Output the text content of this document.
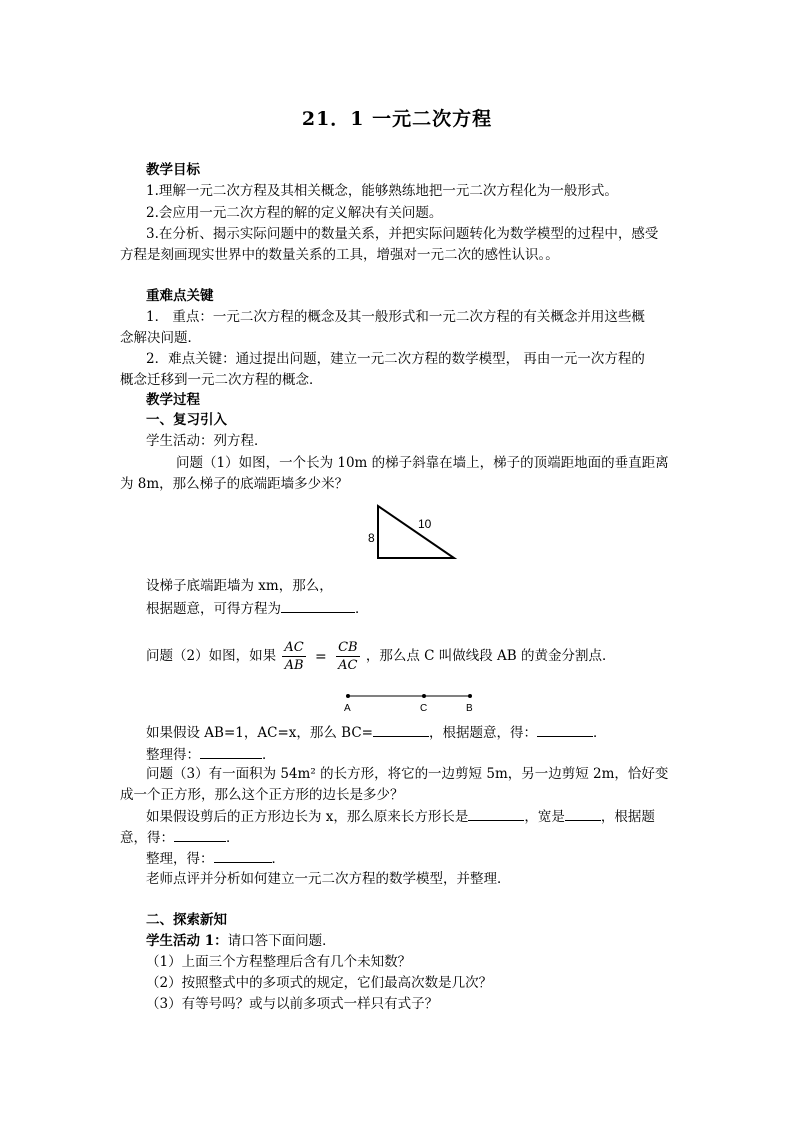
21．1 一元二次方程
教学目标
1.理解一元二次方程及其相关概念，能够熟练地把一元二次方程化为一般形式。
2.会应用一元二次方程的解的定义解决有关问题。
3.在分析、揭示实际问题中的数量关系，并把实际问题转化为数学模型的过程中，感受
方程是刻画现实世界中的数量关系的工具，增强对一元二次的感性认识。。
重难点关键
1． 重点：一元二次方程的概念及其一般形式和一元二次方程的有关概念并用这些概
念解决问题．
2．难点关键：通过提出问题，建立一元二次方程的数学模型， 再由一元一次方程的
概念迁移到一元二次方程的概念．
教学过程
一、复习引入
学生活动：列方程．
问题（1）如图，一个长为 10m 的梯子斜靠在墙上，梯子的顶端距地面的垂直距离
为 8m，那么梯子的底端距墙多少米？
8
10
设梯子底端距墙为 xm，那么，
根据题意，可得方程为	．
问题（2）如图，如果 $\frac{AC}{AB} = \frac{CB}{AC}$ ，那么点 C 叫做线段 AB 的黄金分割点．
A	C	B
如果假设 AB=1，AC=x，那么 BC=	，根据题意，得：	．
整理得：	．
问题（3）有一面积为 54m² 的长方形，将它的一边剪短 5m，另一边剪短 2m，恰好变
成一个正方形，那么这个正方形的边长是多少？
如果假设剪后的正方形边长为 x，那么原来长方形长是	，宽是	，根据题
意，得：	．
整理，得：	．
老师点评并分析如何建立一元二次方程的数学模型，并整理．
二、探索新知
学生活动 1：请口答下面问题．
（1）上面三个方程整理后含有几个未知数？
（2）按照整式中的多项式的规定，它们最高次数是几次？
（3）有等号吗？或与以前多项式一样只有式子？
